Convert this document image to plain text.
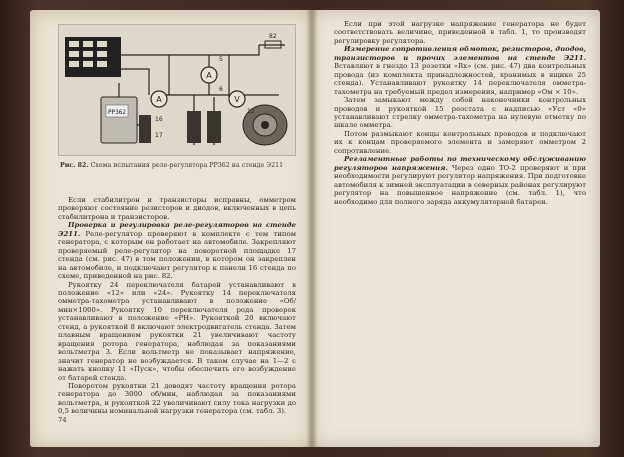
A
A	V
PP362
5
82
6
12
16
17
Рис. 82. Схема испытания реле-регулятора РР362 на стенде Э211

Если стабилитрон и транзисторы исправны, омметром проверяют состояние резисторов и диодов, включенных в цепь стабилитрона и транзисторов.

Проверка и регулировка реле-регуляторов на стенде Э211. Реле-регулятор проверяют в комплекте с тем типом генератора, с которым он работает на автомобиле. Закрепляют проверяемый реле-регулятор на поворотной площадке 17 стенда (см. рис. 47) в том положении, в котором он закреплен на автомобиле, и подключают регулятор к панели 16 стенда по схеме, приведенной на рис. 82.

Рукоятку 24 переключателя батарей устанавливают в положение «12» или «24». Рукоятку 14 переключателя омметра-тахометра устанавливают в положение «Об/мин×1000». Рукоятку 10 переключателя рода проверок устанавливают в положение «РН». Рукояткой 20 включают стенд, а рукояткой 8 включают электродвигатель стенда. Затем плавным вращением рукоятки 21 увеличивают частоту вращения ротора генератора, наблюдая за показаниями вольтметра 3. Если вольтметр не показывает напряжение, значит генератор не возбуждается. В таком случае на 1—2 с нажать кнопку 11 «Пуск», чтобы обеспечить его возбуждение от батарей стенда.

Поворотом рукоятки 21 доводят частоту вращения ротора генератора до 3000 об/мин, наблюдая за показаниями вольтметра, и рукояткой 22 увеличивают силу тока нагрузки до 0,5 величины номинальной нагрузки генератора (см. табл. 3).

74

Если при этой нагрузке напряжение генератора не будет соответствовать величине, приведенной в табл. 1, то производят регулировку регулятора.

Измерение сопротивления обмоток, резисторов, диодов, транзисторов и прочих элементов на стенде Э211. Вставляют в гнездо 13 розетки «Rx» (см. рис. 47) два контрольных провода (из комплекта принадлежностей, хранимых в ящике 25 стенда). Устанавливают рукоятку 14 переключателя омметра-тахометра на требуемый предел измерения, например «Ом × 10».

Затем замыкают между собой наконечники контрольных проводов и рукояткой 15 реостата с надписью «Уст «0» устанавливают стрелку омметра-тахометра на нулевую отметку по шкале омметра.

Потом размыкают концы контрольных проводов и подключают их к концам проверяемого элемента и замеряют омметром 2 сопротивление.

Регламентные работы по техническому обслуживанию регуляторов напряжения. Через одно ТО-2 проверяют и при необходимости регулируют регулятор напряжения. При подготовке автомобиля к зимней эксплуатации в северных районах регулируют регулятор на повышенное напряжение (см. табл. 1), что необходимо для полного заряда аккумуляторной батареи.
